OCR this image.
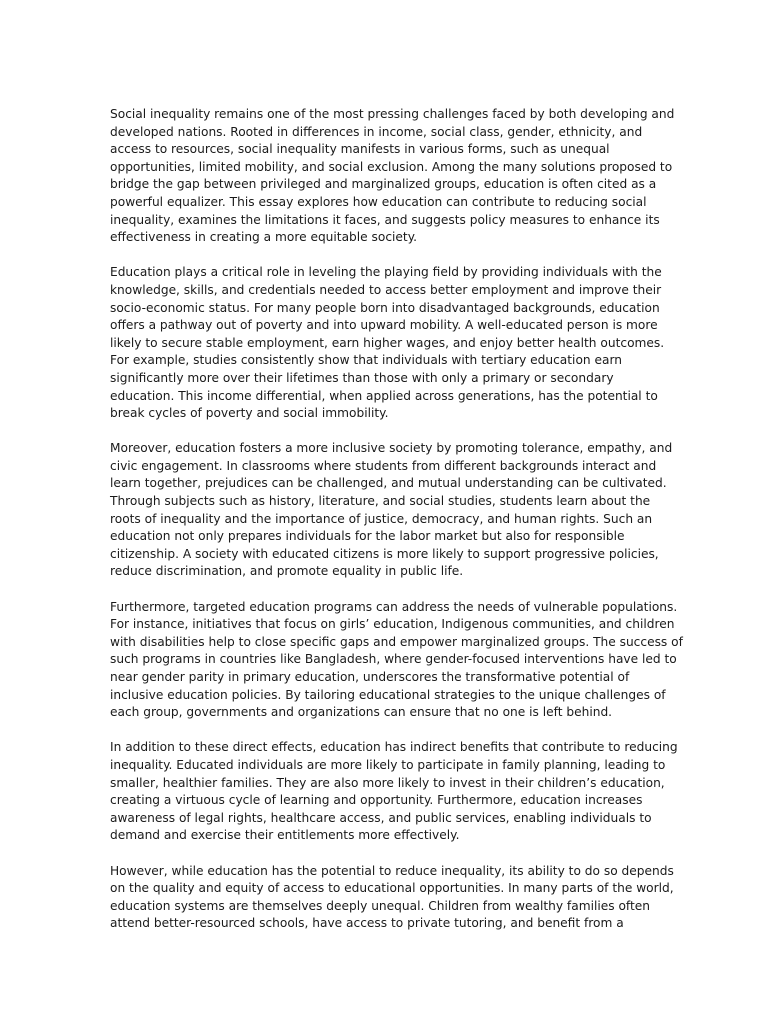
Social inequality remains one of the most pressing challenges faced by both developing and
developed nations. Rooted in differences in income, social class, gender, ethnicity, and
access to resources, social inequality manifests in various forms, such as unequal
opportunities, limited mobility, and social exclusion. Among the many solutions proposed to
bridge the gap between privileged and marginalized groups, education is often cited as a
powerful equalizer. This essay explores how education can contribute to reducing social
inequality, examines the limitations it faces, and suggests policy measures to enhance its
effectiveness in creating a more equitable society.

Education plays a critical role in leveling the playing field by providing individuals with the
knowledge, skills, and credentials needed to access better employment and improve their
socio-economic status. For many people born into disadvantaged backgrounds, education
offers a pathway out of poverty and into upward mobility. A well-educated person is more
likely to secure stable employment, earn higher wages, and enjoy better health outcomes.
For example, studies consistently show that individuals with tertiary education earn
significantly more over their lifetimes than those with only a primary or secondary
education. This income differential, when applied across generations, has the potential to
break cycles of poverty and social immobility.

Moreover, education fosters a more inclusive society by promoting tolerance, empathy, and
civic engagement. In classrooms where students from different backgrounds interact and
learn together, prejudices can be challenged, and mutual understanding can be cultivated.
Through subjects such as history, literature, and social studies, students learn about the
roots of inequality and the importance of justice, democracy, and human rights. Such an
education not only prepares individuals for the labor market but also for responsible
citizenship. A society with educated citizens is more likely to support progressive policies,
reduce discrimination, and promote equality in public life.

Furthermore, targeted education programs can address the needs of vulnerable populations.
For instance, initiatives that focus on girls’ education, Indigenous communities, and children
with disabilities help to close specific gaps and empower marginalized groups. The success of
such programs in countries like Bangladesh, where gender-focused interventions have led to
near gender parity in primary education, underscores the transformative potential of
inclusive education policies. By tailoring educational strategies to the unique challenges of
each group, governments and organizations can ensure that no one is left behind.

In addition to these direct effects, education has indirect benefits that contribute to reducing
inequality. Educated individuals are more likely to participate in family planning, leading to
smaller, healthier families. They are also more likely to invest in their children’s education,
creating a virtuous cycle of learning and opportunity. Furthermore, education increases
awareness of legal rights, healthcare access, and public services, enabling individuals to
demand and exercise their entitlements more effectively.

However, while education has the potential to reduce inequality, its ability to do so depends
on the quality and equity of access to educational opportunities. In many parts of the world,
education systems are themselves deeply unequal. Children from wealthy families often
attend better-resourced schools, have access to private tutoring, and benefit from a
